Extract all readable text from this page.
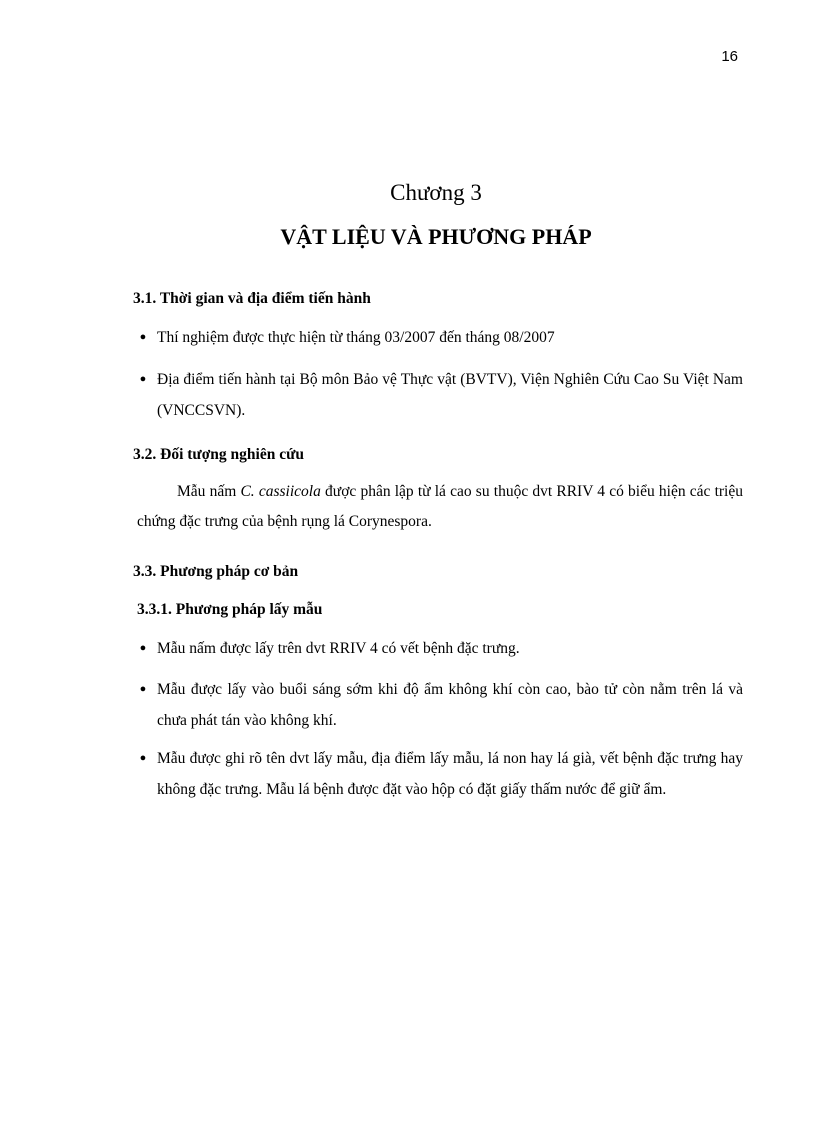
16
Chương 3
VẬT LIỆU VÀ PHƯƠNG PHÁP
3.1. Thời gian và địa điểm tiến hành
● Thí nghiệm được thực hiện từ tháng 03/2007 đến tháng 08/2007
● Địa điểm tiến hành tại Bộ môn Bảo vệ Thực vật (BVTV), Viện Nghiên Cứu Cao Su Việt Nam (VNCCSVN).
3.2. Đối tượng nghiên cứu
Mẫu nấm C. cassiicola được phân lập từ lá cao su thuộc dvt RRIV 4 có biểu hiện các triệu chứng đặc trưng của bệnh rụng lá Corynespora.
3.3. Phương pháp cơ bản
3.3.1. Phương pháp lấy mẫu
● Mẫu nấm được lấy trên dvt RRIV 4 có vết bệnh đặc trưng.
● Mẫu được lấy vào buổi sáng sớm khi độ ẩm không khí còn cao, bào tử còn nằm trên lá và chưa phát tán vào không khí.
● Mẫu được ghi rõ tên dvt lấy mẫu, địa điểm lấy mẫu, lá non hay lá già, vết bệnh đặc trưng hay không đặc trưng. Mẫu lá bệnh được đặt vào hộp có đặt giấy thấm nước để giữ ẩm.
